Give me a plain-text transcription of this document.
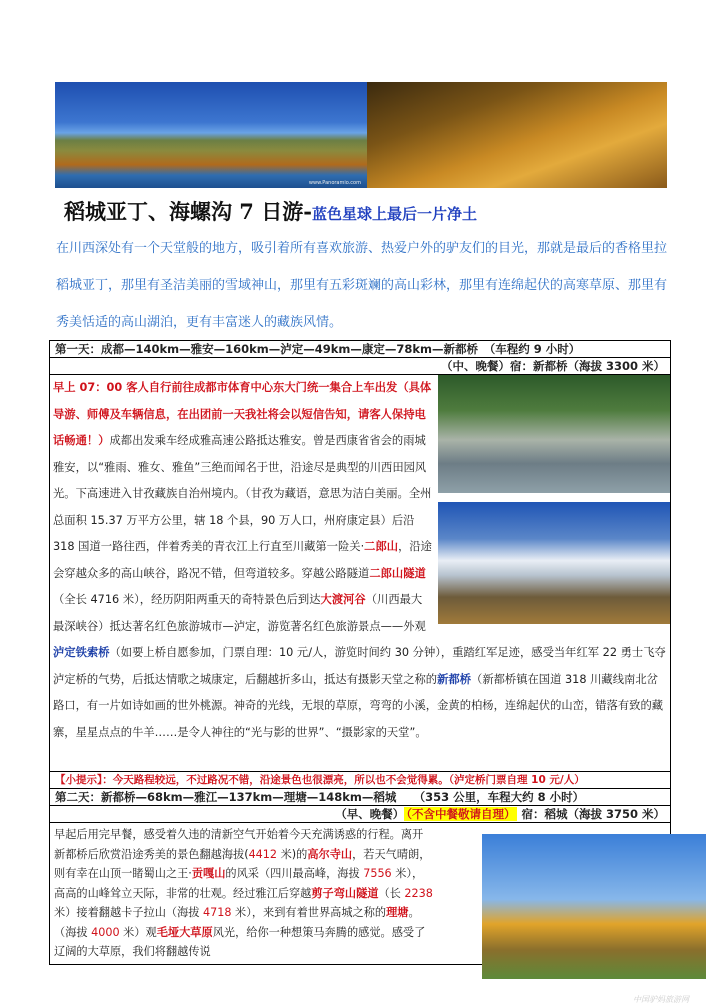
www.Panoramio.com
稻城亚丁、海螺沟 7 日游-蓝色星球上最后一片净土

在川西深处有一个天堂般的地方，吸引着所有喜欢旅游、热爱户外的驴友们的目光，那就是最后的香格里拉稻城亚丁，那里有圣洁美丽的雪域神山，那里有五彩斑斓的高山彩林，那里有连绵起伏的高寒草原、那里有秀美恬适的高山湖泊，更有丰富迷人的藏族风情。

第一天：成都—140km—雅安—160km—泸定—49km—康定—78km—新都桥　（车程约 9 小时）
（中、晚餐）宿：新都桥（海拔 3300 米）

早上 07：00 客人自行前往成都市体育中心东大门统一集合上车出发（具体导游、师傅及车辆信息，在出团前一天我社将会以短信告知，请客人保持电话畅通！）成都出发乘车经成雅高速公路抵达雅安。曾是西康省省会的雨城雅安，以“雅雨、雅女、雅鱼”三绝而闻名于世，沿途尽是典型的川西田园风光。下高速进入甘孜藏族自治州境内。（甘孜为藏语，意思为洁白美丽。全州总面积 15.37 万平方公里，辖 18 个县，90 万人口，州府康定县）后沿 318 国道一路往西，伴着秀美的青衣江上行直至川藏第一险关·二郎山，沿途会穿越众多的高山峡谷，路况不错，但弯道较多。穿越公路隧道二郎山隧道（全长 4716 米），经历阴阳两重天的奇特景色后到达大渡河谷（川西最大最深峡谷）抵达著名红色旅游城市—泸定，游览著名红色旅游景点——外观泸定铁索桥（如要上桥自愿参加，门票自理：10 元/人，游览时间约 30 分钟），重踏红军足迹，感受当年红军 22 勇士飞夺泸定桥的气势，后抵达情歌之城康定，后翻越折多山，抵达有摄影天堂之称的新都桥（新都桥镇在国道 318 川藏线南北岔路口，有一片如诗如画的世外桃源。神奇的光线，无垠的草原，弯弯的小溪，金黄的柏杨，连绵起伏的山峦，错落有致的藏寨，星星点点的牛羊……是令人神往的“光与影的世界”、“摄影家的天堂”。

【小提示】：今天路程较远，不过路况不错，沿途景色也很漂亮，所以也不会觉得累。（泸定桥门票自理 10 元/人）
第二天：新都桥—68km—雅江—137km—理塘—148km—稻城　　（353 公里，车程大约 8 小时）
（早、晚餐） （不含中餐敬请自理） 宿：稻城（海拔 3750 米）
早起后用完早餐，感受着久违的清新空气开始着今天充满诱惑的行程。离开新都桥后欣赏沿途秀美的景色翻越海拔(4412 米)的高尔寺山，若天气晴朗，则有幸在山顶一睹蜀山之王·贡嘎山的风采（四川最高峰，海拔 7556 米），高高的山峰耸立天际，非常的壮观。经过雅江后穿越剪子弯山隧道（长 2238 米）接着翻越卡子拉山（海拔 4718 米），来到有着世界高城之称的理塘。（海拔 4000 米）观毛垭大草原风光，给你一种想策马奔腾的感觉。感受了辽阔的大草原，我们将翻越传说
中国驴妈旅游网
